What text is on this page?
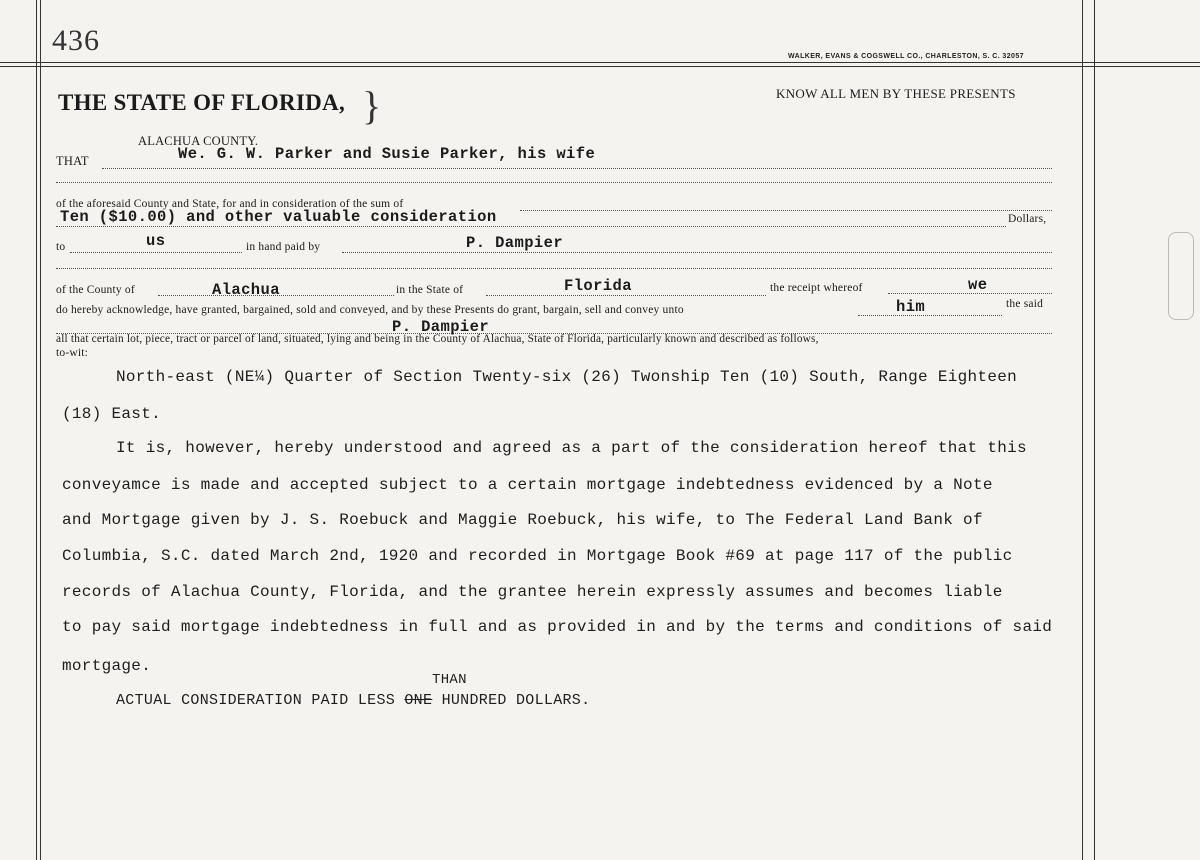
436	WALKER, EVANS & COGSWELL CO., CHARLESTON, S. C. 32057
THE STATE OF FLORIDA, }	KNOW ALL MEN BY THESE PRESENTS
ALACHUA COUNTY.
THAT	We. G. W. Parker and Susie Parker, his wife
of the aforesaid County and State, for and in consideration of the sum of
Ten ($10.00) and other valuable consideration	Dollars,
to	us	in hand paid by	P. Dampier
of the County of	Alachua	in the State of	Florida	the receipt whereof	we
do hereby acknowledge, have granted, bargained, sold and conveyed, and by these Presents do grant, bargain, sell and convey unto	him	the said
P. Dampier
all that certain lot, piece, tract or parcel of land, situated, lying and being in the County of Alachua, State of Florida, particularly known and described as follows,
to-wit:
North-east (NE¼) Quarter of Section Twenty-six (26) Twonship Ten (10) South, Range Eighteen
(18) East.
It is, however, hereby understood and agreed as a part of the consideration hereof that this
conveyamce is made and accepted subject to a certain mortgage indebtedness evidenced by a Note
and Mortgage given by J. S. Roebuck and Maggie Roebuck, his wife, to The Federal Land Bank of
Columbia, S.C. dated March 2nd, 1920 and recorded in Mortgage Book #69 at page 117 of the public
records of Alachua County, Florida, and the grantee herein expressly assumes and becomes liable
to pay said mortgage indebtedness in full and as provided in and by the terms and conditions of said
mortgage.
THAN
ACTUAL CONSIDERATION PAID LESS ONE HUNDRED DOLLARS.
